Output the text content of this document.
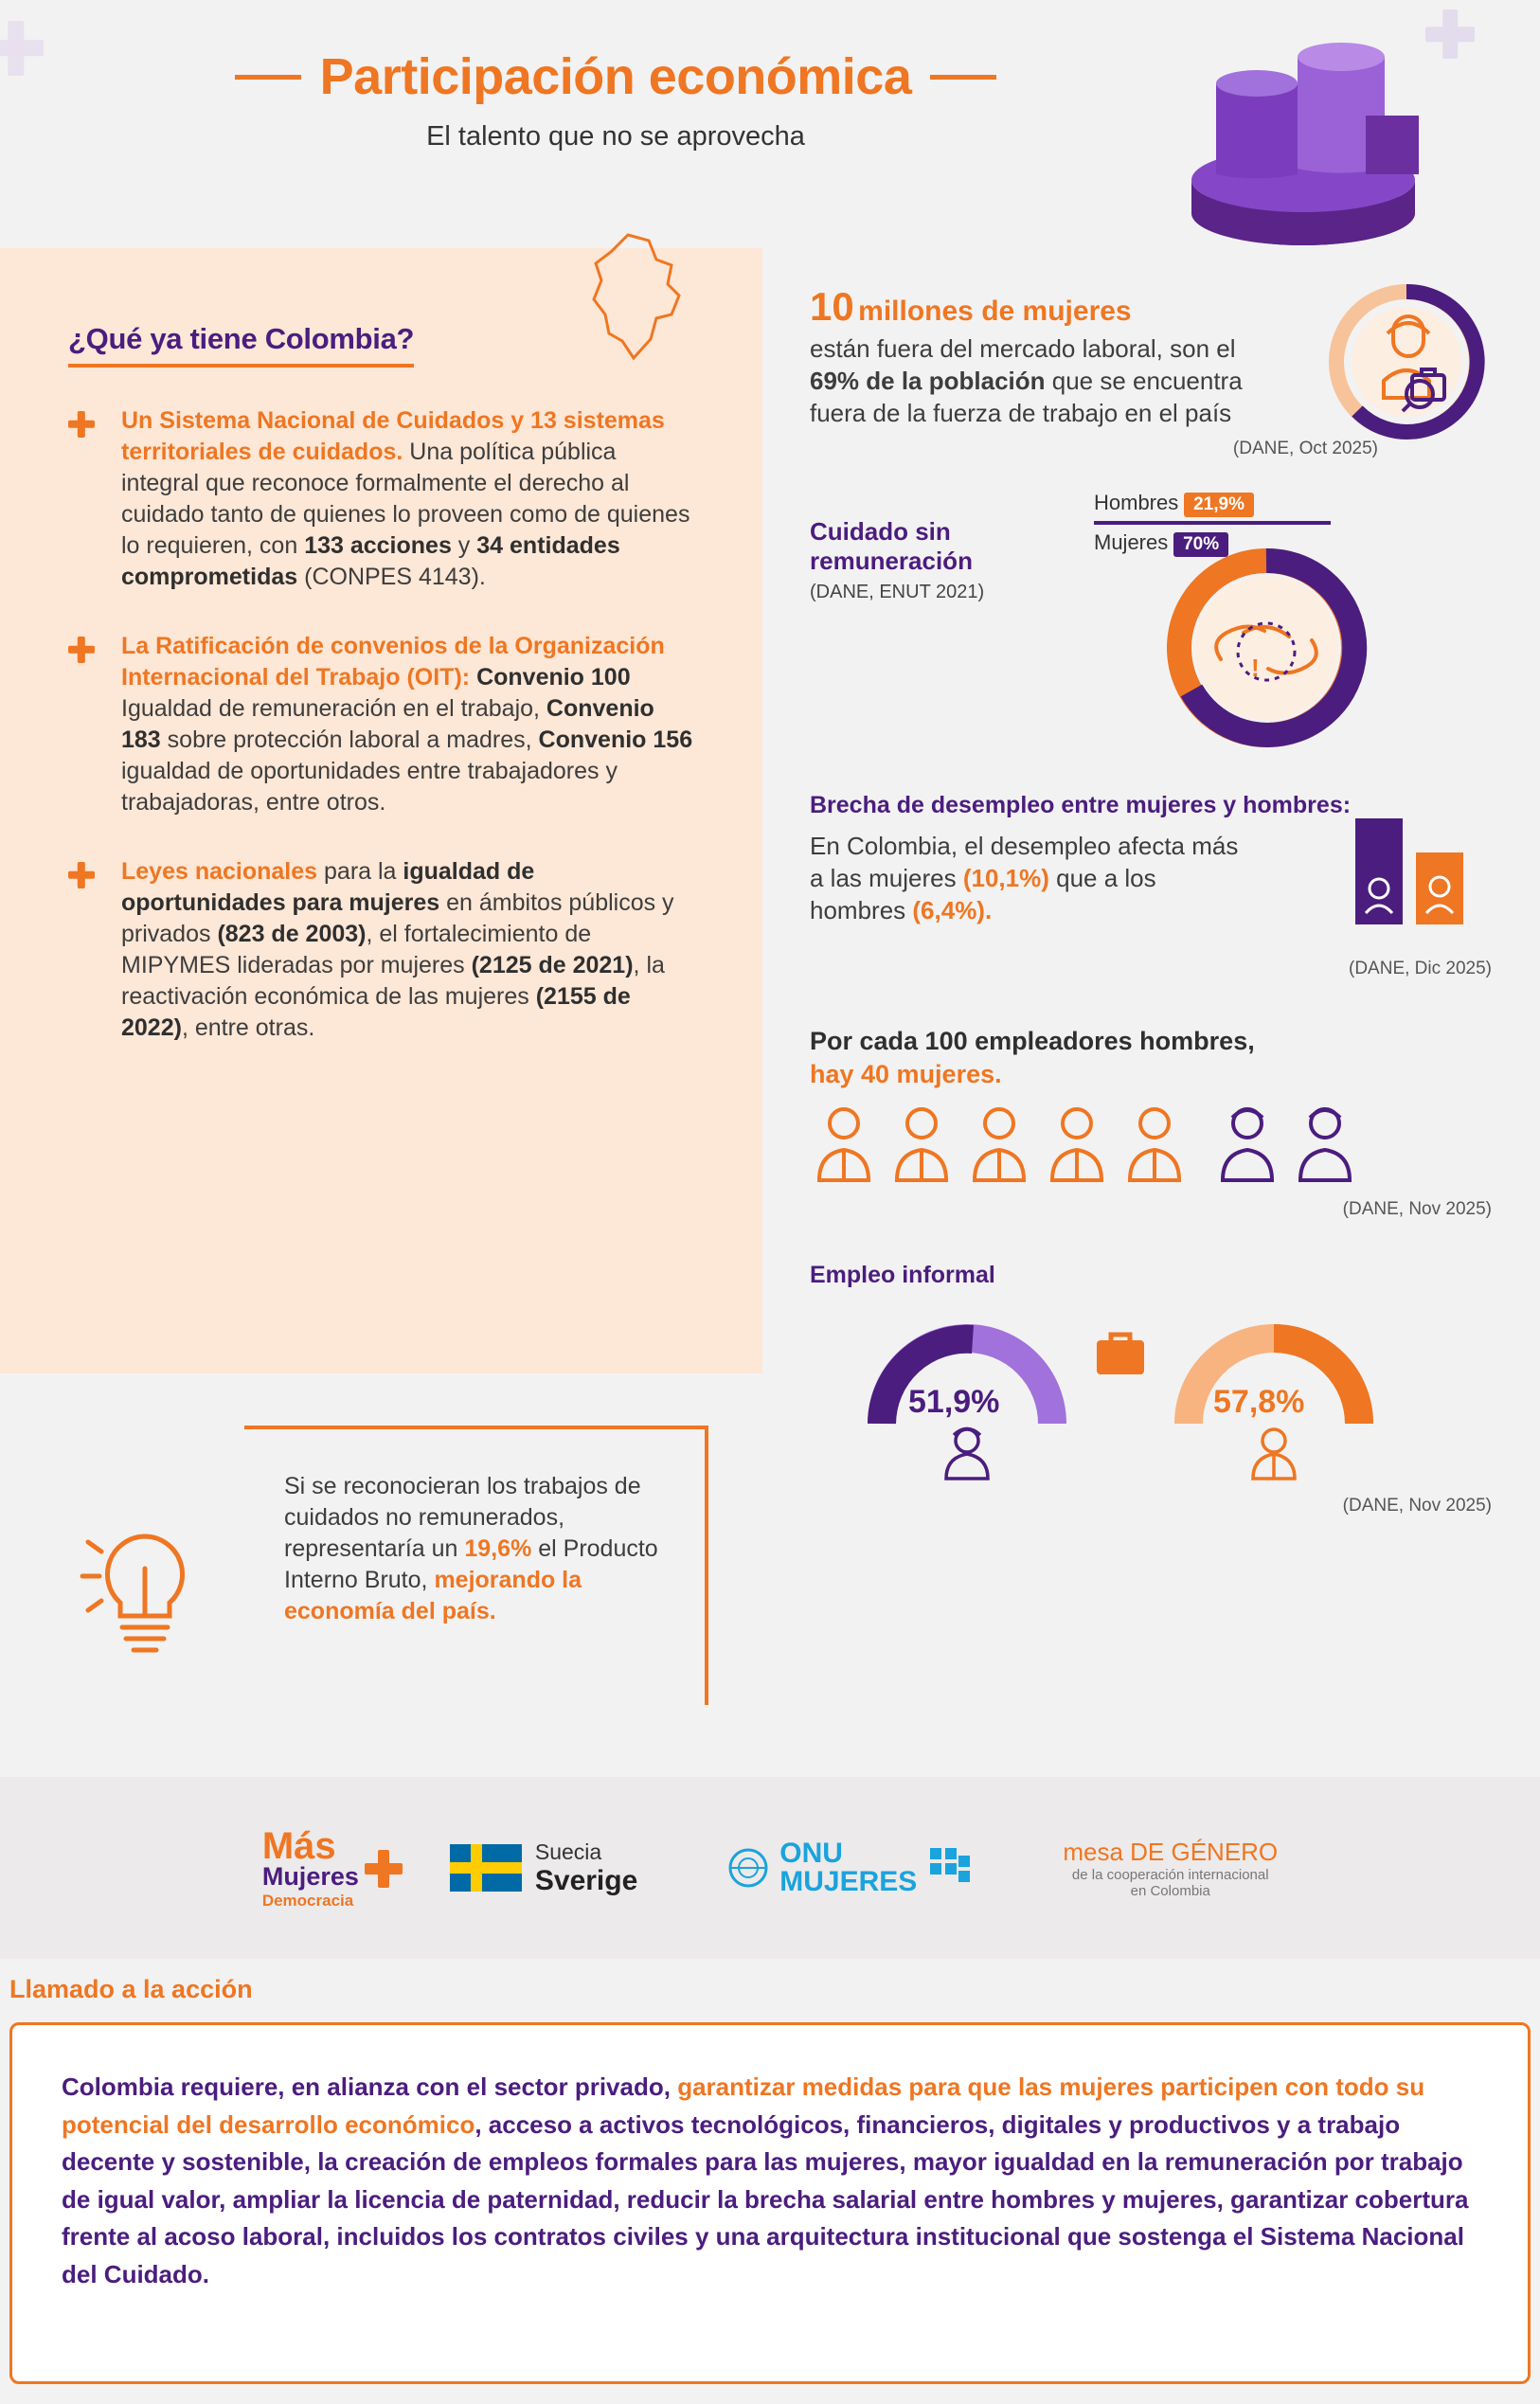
Participación económica
El talento que no se aprovecha
¿Qué ya tiene Colombia?

Un Sistema Nacional de Cuidados y 13 sistemas territoriales de cuidados. Una política pública integral que reconoce formalmente el derecho al cuidado tanto de quienes lo proveen como de quienes lo requieren, con 133 acciones y 34 entidades comprometidas (CONPES 4143).

La Ratificación de convenios de la Organización Internacional del Trabajo (OIT): Convenio 100 Igualdad de remuneración en el trabajo, Convenio 183 sobre protección laboral a madres, Convenio 156 igualdad de oportunidades entre trabajadores y trabajadoras, entre otros.

Leyes nacionales para la igualdad de oportunidades para mujeres en ámbitos públicos y privados (823 de 2003), el fortalecimiento de MIPYMES lideradas por mujeres (2125 de 2021), la reactivación económica de las mujeres (2155 de 2022), entre otras.

Si se reconocieran los trabajos de cuidados no remunerados, representaría un 19,6% el Producto Interno Bruto, mejorando la economía del país.
10 millones de mujeres
están fuera del mercado laboral, son el 69% de la población que se encuentra fuera de la fuerza de trabajo en el país
(DANE, Oct 2025)
Cuidado sin
remuneración
(DANE, ENUT 2021)
Hombres 21,9%
Mujeres 70%
!
Brecha de desempleo entre mujeres y hombres:
En Colombia, el desempleo afecta más a las mujeres (10,1%) que a los hombres (6,4%).
(DANE, Dic 2025)
Por cada 100 empleadores hombres,
hay 40 mujeres.
(DANE, Nov 2025)
Empleo informal
51,9%	57,8%
(DANE, Nov 2025)
Más
Mujeres
Democracia
Suecia
Sverige
ONU
MUJERES
mesa DE GÉNERO
de la cooperación internacional
en Colombia
Llamado a la acción
Colombia requiere, en alianza con el sector privado, garantizar medidas para que las mujeres participen con todo su potencial del desarrollo económico, acceso a activos tecnológicos, financieros, digitales y productivos y a trabajo decente y sostenible, la creación de empleos formales para las mujeres, mayor igualdad en la remuneración por trabajo de igual valor, ampliar la licencia de paternidad, reducir la brecha salarial entre hombres y mujeres, garantizar cobertura frente al acoso laboral, incluidos los contratos civiles y una arquitectura institucional que sostenga el Sistema Nacional del Cuidado.
